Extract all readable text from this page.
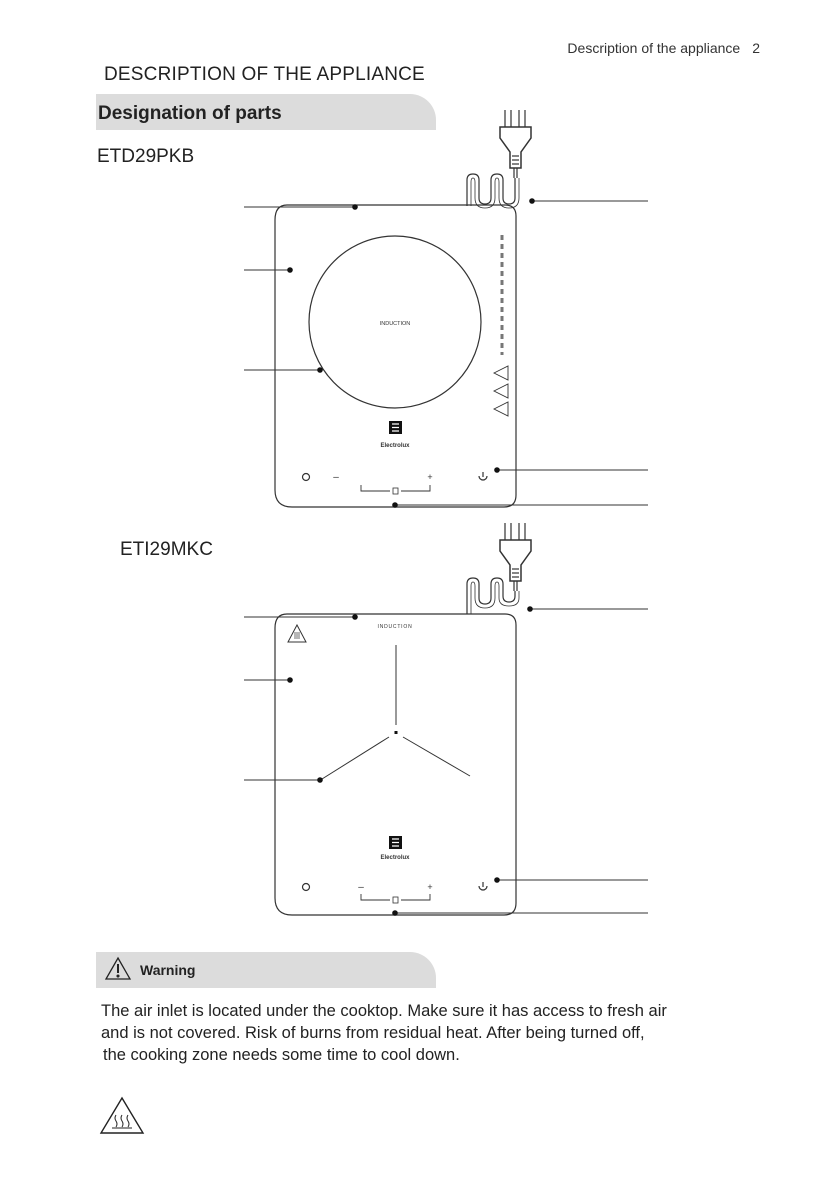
Description of the appliance 2
DESCRIPTION OF THE APPLIANCE
Designation of parts
ETD29PKB
ETI29MKC
INDUCTION
Electrolux
–	+
INDUCTION
Electrolux
–	+
Warning
The air inlet is located under the cooktop. Make sure it has access to fresh air
and is not covered. Risk of burns from residual heat. After being turned off,
the cooking zone needs some time to cool down.
